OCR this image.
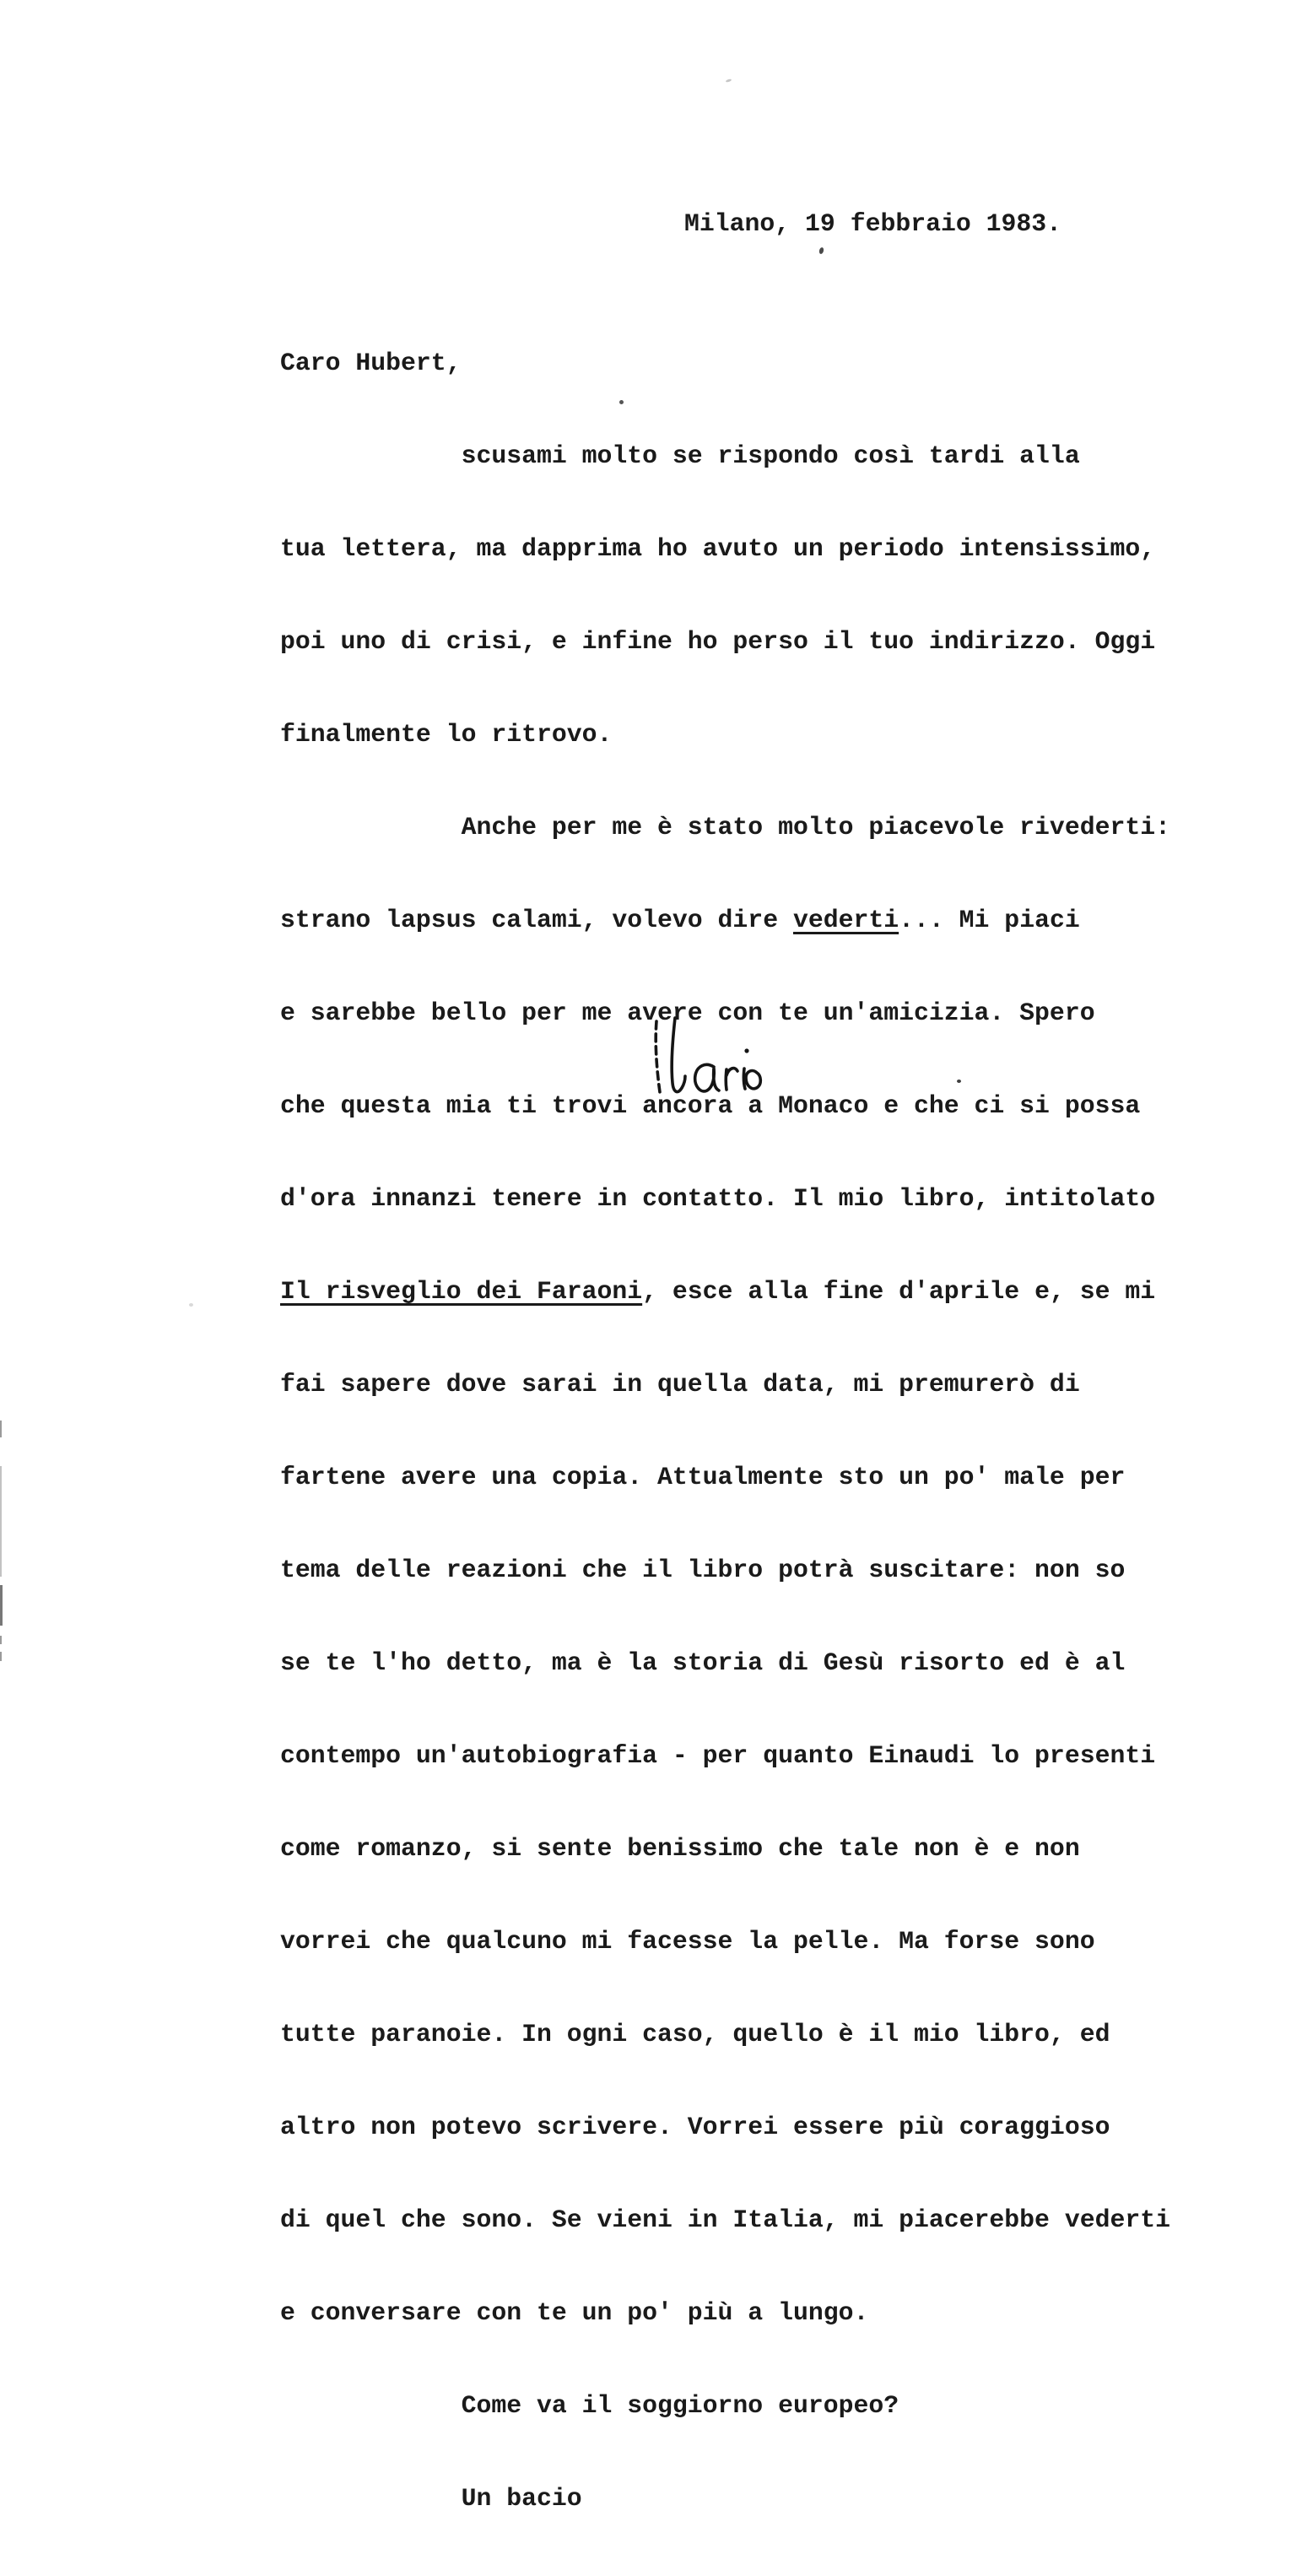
Milano, 19 febbraio 1983.

Caro Hubert,

scusami molto se rispondo così tardi alla

tua lettera, ma dapprima ho avuto un periodo intensissimo,

poi uno di crisi, e infine ho perso il tuo indirizzo. Oggi

finalmente lo ritrovo.

Anche per me è stato molto piacevole rivederti:

strano lapsus calami, volevo dire vederti... Mi piaci

e sarebbe bello per me avere con te un'amicizia. Spero

che questa mia ti trovi ancora a Monaco e che ci si possa

d'ora innanzi tenere in contatto. Il mio libro, intitolato

Il risveglio dei Faraoni, esce alla fine d'aprile e, se mi

fai sapere dove sarai in quella data, mi premurerò di

fartene avere una copia. Attualmente sto un po' male per

tema delle reazioni che il libro potrà suscitare: non so

se te l'ho detto, ma è la storia di Gesù risorto ed è al

contempo un'autobiografia - per quanto Einaudi lo presenti

come romanzo, si sente benissimo che tale non è e non

vorrei che qualcuno mi facesse la pelle. Ma forse sono

tutte paranoie. In ogni caso, quello è il mio libro, ed

altro non potevo scrivere. Vorrei essere più coraggioso

di quel che sono. Se vieni in Italia, mi piacerebbe vederti

e conversare con te un po' più a lungo.

Come va il soggiorno europeo?

Un bacio
